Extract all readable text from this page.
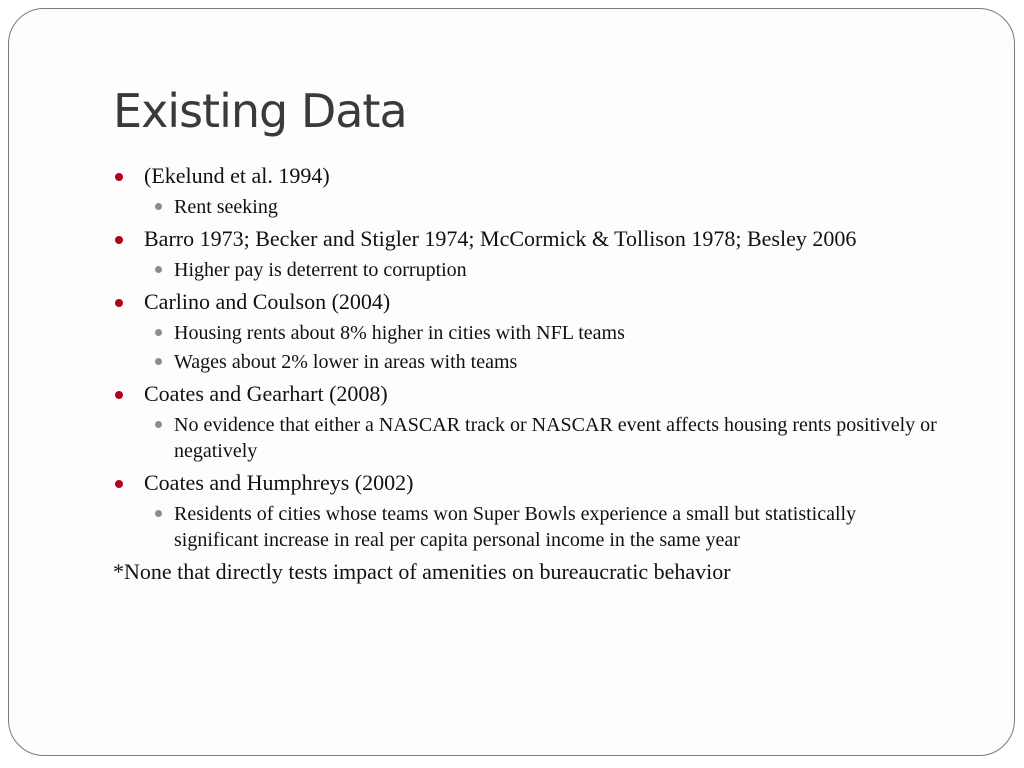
Existing Data
(Ekelund et al. 1994)
Rent seeking
Barro 1973; Becker and Stigler 1974; McCormick & Tollison 1978; Besley 2006
Higher pay is deterrent to corruption
Carlino and Coulson (2004)
Housing rents about 8% higher in cities with NFL teams
Wages about 2% lower in areas with teams
Coates and Gearhart (2008)
No evidence that either a NASCAR track or NASCAR event affects housing rents positively or negatively
Coates and Humphreys (2002)
Residents of cities whose teams won Super Bowls experience a small but statistically significant increase in real per capita personal income in the same year
*None that directly tests impact of amenities on bureaucratic behavior
